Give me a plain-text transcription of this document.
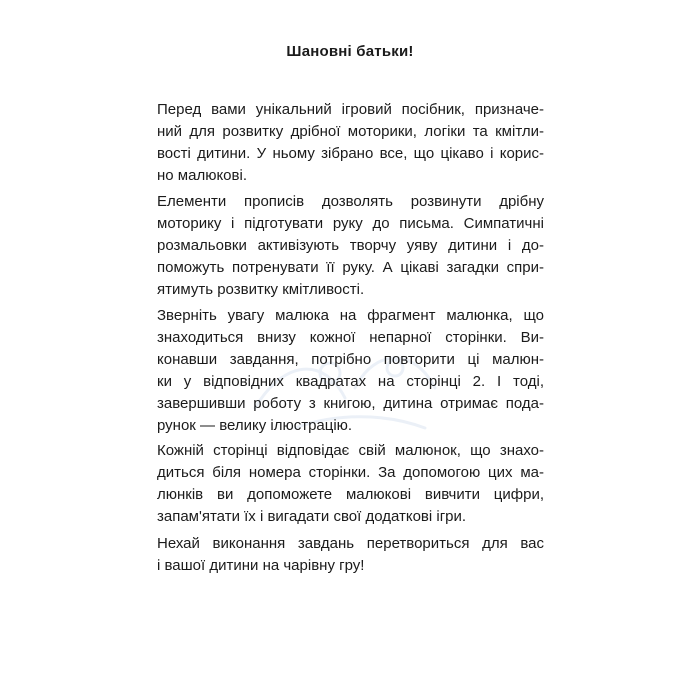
Шановні батьки!
Перед вами унікальний ігровий посібник, призначе-
ний для розвитку дрібної моторики, логіки та кмітли-
вості дитини. У ньому зібрано все, що цікаво і корис-
но малюкові.
Елементи прописів дозволять розвинути дрібну
моторику і підготувати руку до письма. Симпатичні
розмальовки активізують творчу уяву дитини і до-
поможуть потренувати її руку. А цікаві загадки спри-
ятимуть розвитку кмітливості.
Зверніть увагу малюка на фрагмент малюнка, що
знаходиться внизу кожної непарної сторінки. Ви-
конавши завдання, потрібно повторити ці малюн-
ки у відповідних квадратах на сторінці 2. І тоді,
завершивши роботу з книгою, дитина отримає пода-
рунок — велику ілюстрацію.
Кожній сторінці відповідає свій малюнок, що знахо-
диться біля номера сторінки. За допомогою цих ма-
люнків ви допоможете малюкові вивчити цифри,
запам'ятати їх і вигадати свої додаткові ігри.
Нехай виконання завдань перетвориться для вас
і вашої дитини на чарівну гру!
